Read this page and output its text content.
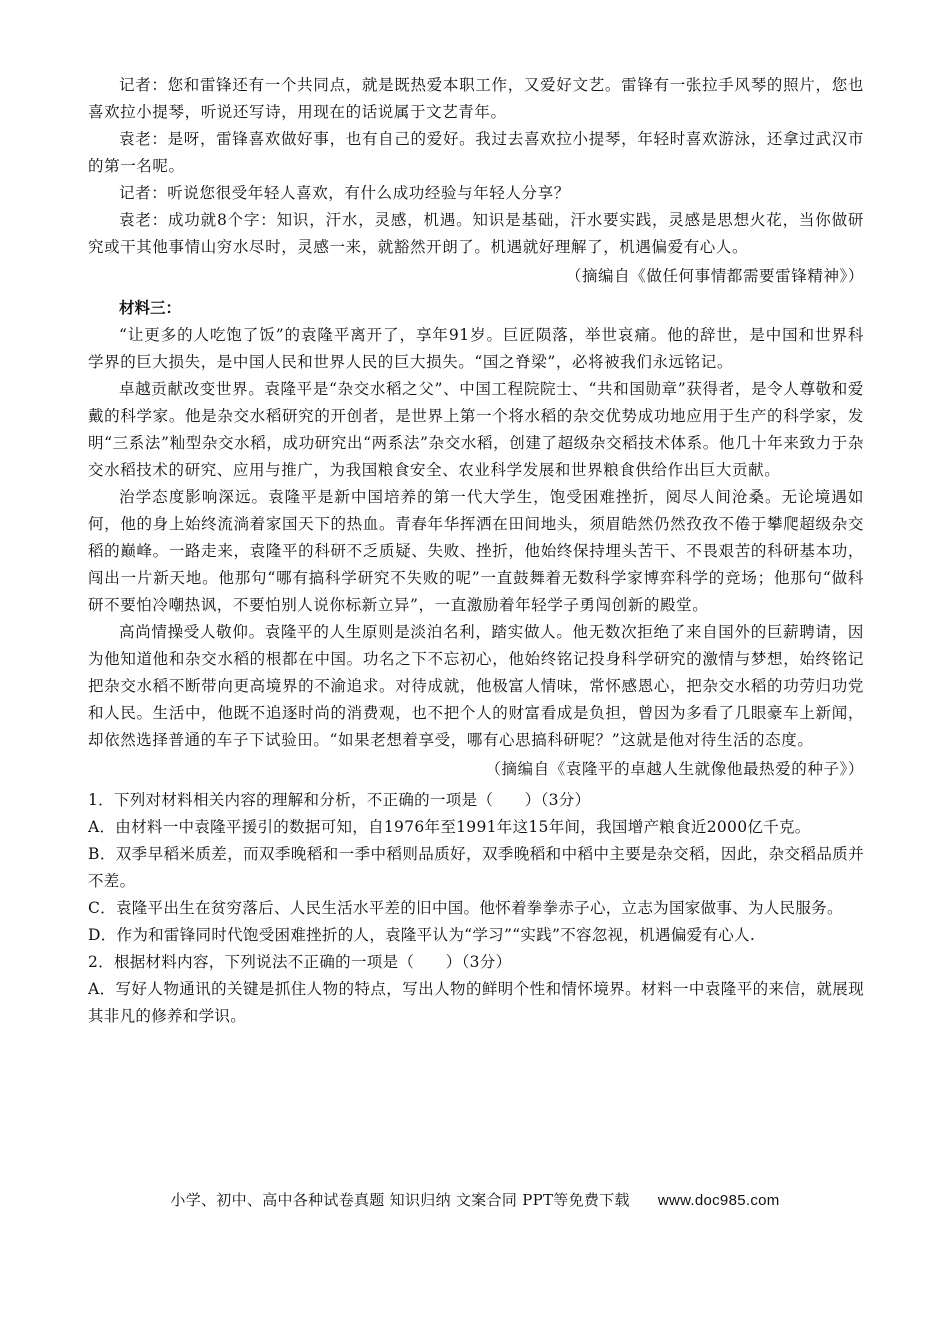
记者：您和雷锋还有一个共同点，就是既热爱本职工作，又爱好文艺。雷锋有一张拉手风琴的照片，您也喜欢拉小提琴，听说还写诗，用现在的话说属于文艺青年。

袁老：是呀，雷锋喜欢做好事，也有自己的爱好。我过去喜欢拉小提琴，年轻时喜欢游泳，还拿过武汉市的第一名呢。

记者：听说您很受年轻人喜欢，有什么成功经验与年轻人分享？

袁老：成功就8个字：知识，汗水，灵感，机遇。知识是基础，汗水要实践，灵感是思想火花，当你做研究或干其他事情山穷水尽时，灵感一来，就豁然开朗了。机遇就好理解了，机遇偏爱有心人。

（摘编自《做任何事情都需要雷锋精神》）

材料三：

“让更多的人吃饱了饭”的袁隆平离开了，享年91岁。巨匠陨落，举世哀痛。他的辞世，是中国和世界科学界的巨大损失，是中国人民和世界人民的巨大损失。“国之脊梁”，必将被我们永远铭记。

卓越贡献改变世界。袁隆平是“杂交水稻之父”、中国工程院院士、“共和国勋章”获得者，是令人尊敬和爱戴的科学家。他是杂交水稻研究的开创者，是世界上第一个将水稻的杂交优势成功地应用于生产的科学家，发明“三系法”籼型杂交水稻，成功研究出“两系法”杂交水稻，创建了超级杂交稻技术体系。他几十年来致力于杂交水稻技术的研究、应用与推广，为我国粮食安全、农业科学发展和世界粮食供给作出巨大贡献。

治学态度影响深远。袁隆平是新中国培养的第一代大学生，饱受困难挫折，阅尽人间沧桑。无论境遇如何，他的身上始终流淌着家国天下的热血。青春年华挥洒在田间地头，须眉皓然仍然孜孜不倦于攀爬超级杂交稻的巅峰。一路走来，袁隆平的科研不乏质疑、失败、挫折，他始终保持埋头苦干、不畏艰苦的科研基本功，闯出一片新天地。他那句“哪有搞科学研究不失败的呢”一直鼓舞着无数科学家博弈科学的竞场；他那句“做科研不要怕冷嘲热讽，不要怕别人说你标新立异”，一直激励着年轻学子勇闯创新的殿堂。

高尚情操受人敬仰。袁隆平的人生原则是淡泊名利，踏实做人。他无数次拒绝了来自国外的巨薪聘请，因为他知道他和杂交水稻的根都在中国。功名之下不忘初心，他始终铭记投身科学研究的激情与梦想，始终铭记把杂交水稻不断带向更高境界的不渝追求。对待成就，他极富人情味，常怀感恩心，把杂交水稻的功劳归功党和人民。生活中，他既不追逐时尚的消费观，也不把个人的财富看成是负担，曾因为多看了几眼豪车上新闻，却依然选择普通的车子下试验田。“如果老想着享受，哪有心思搞科研呢？”这就是他对待生活的态度。

（摘编自《袁隆平的卓越人生就像他最热爱的种子》）

1．下列对材料相关内容的理解和分析，不正确的一项是（　　）（3分）

A．由材料一中袁隆平援引的数据可知，自1976年至1991年这15年间，我国增产粮食近2000亿千克。

B．双季早稻米质差，而双季晚稻和一季中稻则品质好，双季晚稻和中稻中主要是杂交稻，因此，杂交稻品质并不差。

C．袁隆平出生在贫穷落后、人民生活水平差的旧中国。他怀着拳拳赤子心，立志为国家做事、为人民服务。

D．作为和雷锋同时代饱受困难挫折的人，袁隆平认为“学习”“实践”不容忽视，机遇偏爱有心人.

2．根据材料内容，下列说法不正确的一项是（　　）（3分）

A．写好人物通讯的关键是抓住人物的特点，写出人物的鲜明个性和情怀境界。材料一中袁隆平的来信，就展现其非凡的修养和学识。

小学、初中、高中各种试卷真题 知识归纳 文案合同 PPT等免费下载 www.doc985.com
